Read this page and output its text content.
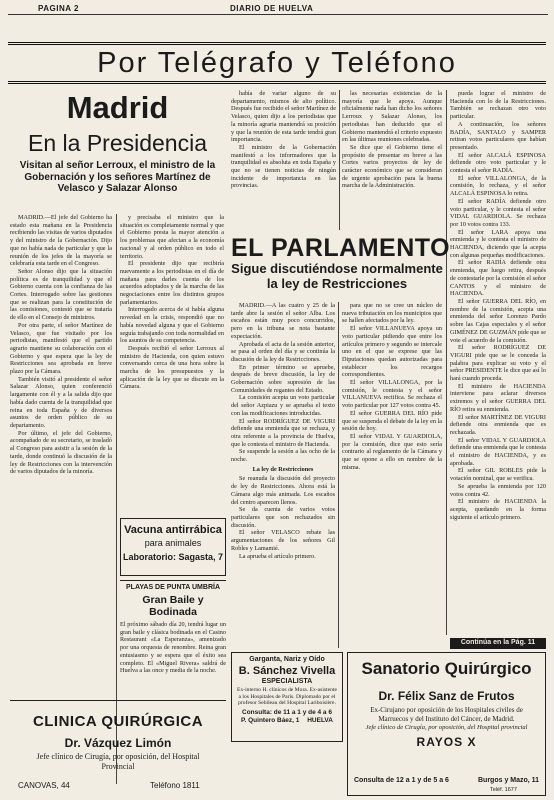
PAGINA 2	DIARIO DE HUELVA
Por Telégrafo y Teléfono
Madrid
En la Presidencia
Visitan al señor Lerroux, el ministro de la Gobernación y los señores Martínez de Velasco y Salazar Alonso

MADRID.—El jefe del Gobierno ha estado esta mañana en la Presidencia recibiendo las visitas de varios diputados y del ministro de la Gobernación. Dijo que no había nada de particular y que la reunión de los jefes de la mayoría se celebraría esta tarde en el Congreso.

Señor Alonso dijo que la situación política es de tranquilidad y que el Gobierno cuenta con la confianza de las Cortes. Interrogado sobre las gestiones que se realizan para la constitución de las comisiones, contestó que se trataría de ello en el Consejo de ministros.

Por otra parte, el señor Martínez de Velasco, que fue visitado por los periodistas, manifestó que el partido agrario mantiene su colaboración con el Gobierno y que espera que la ley de Restricciones sea aprobada en breve plazo por la Cámara.

También visitó al presidente el señor Salazar Alonso, quien conferenció largamente con él y a la salida dijo que había dado cuenta de la tranquilidad que reina en toda España y de diversos asuntos de orden público de su departamento.

Por último, el jefe del Gobierno, acompañado de su secretario, se trasladó al Congreso para asistir a la sesión de la tarde, donde continuó la discusión de la ley de Restricciones con la intervención de varios diputados de la minoría.

y precisaba el ministro que la situación es completamente normal y que el Gobierno presta la mayor atención a los problemas que afectan a la economía nacional y al orden público en todo el territorio.

El presidente dijo que recibiría nuevamente a los periodistas en el día de mañana para darles cuenta de los acuerdos adoptados y de la marcha de las negociaciones entre los distintos grupos parlamentarios.

Interrogado acerca de si había alguna novedad en la crisis, respondió que no había novedad alguna y que el Gobierno seguía trabajando con toda normalidad en los asuntos de su competencia.

Después recibió el señor Lerroux al ministro de Hacienda, con quien estuvo conversando cerca de una hora sobre la marcha de los presupuestos y la aplicación de la ley que se discute en la Cámara.

había de variar alguno de su departamento, mismos de alto político. Después fue recibido el señor Martínez de Velasco, quien dijo a los periodistas que la minoría agraria mantendrá su posición y que la reunión de esta tarde tendrá gran importancia.

El ministro de la Gobernación manifestó a los informadores que la tranquilidad es absoluta en toda España y que no se tienen noticias de ningún incidente de importancia en las provincias.

las necesarias existencias de la mayoría que le apoya. Aunque oficialmente nada han dicho los señores Lerroux y Salazar Alonso, los periodistas han deducido que el Gobierno mantendrá el criterio expuesto en las últimas reuniones celebradas.

Se dice que el Gobierno tiene el propósito de presentar en breve a las Cortes varios proyectos de ley de carácter económico que se consideran de urgente aprobación para la buena marcha de la Administración.

pueda lograr el ministro de Hacienda con lo de la Restricciones. También se rechazan otro voto particular.

A continuación, los señores BADÍA, SANTALO y SAMPER retiran votos particulares que habían presentado.

El señor ALCALÁ ESPINOSA defiende otro voto particular y le contesta el señor RADÍA.

El señor VILLALONGA, de la comisión, lo rechaza, y el señor ALCALÁ ESPINOSA lo retira.

El señor RADÍA defiende otro voto particular, y le contesta el señor VIDAL GUARDIOLA. Se rechaza por 10 votos contra 133.

El señor LARA apoya una enmienda y le contesta el ministro de HACIENDA, diciendo que la acepta con algunas pequeñas modificaciones.

El señor RADÍA defiende otra enmienda, que luego retira, después de contestarle por la comisión el señor CANTOS y el ministro de HACIENDA.

El señor GUERRA DEL RÍO, en nombre de la comisión, acepta una enmienda del señor Lorenzo Pardo sobre las Cajas especiales y el señor GIMÉNEZ DE GUZMÁN pide que se vote el acuerdo de la comisión.

El señor RODRÍGUEZ DE VIGURI pide que se le conceda la palabra para explicar su voto y el señor PRESIDENTE le dice que así lo hará cuando proceda.

El ministro de HACIENDA interviene para aclarar diversos extremos y el señor GUERRA DEL RÍO retira su enmienda.

El señor MARTÍNEZ DE VIGURI defiende otra enmienda que es rechazada.

El señor VIDAL Y GUARDIOLA defiende una enmienda que le contesta el ministro de HACIENDA, y es aprobada.

El señor GIL ROBLES pide la votación nominal, que se verifica.

Se aprueba la enmienda por 120 votos contra 42.

El ministro de HACIENDA la acepta, quedando en la forma siguiente el artículo primero.

Continúa en la Pág. 11
EL PARLAMENTO
Sigue discutiéndose normalmente la ley de Restricciones

MADRID.—A las cuatro y 25 de la tarde abre la sesión el señor Alba. Los escaños están muy poco concurridos, pero en la tribuna se nota bastante expectación.

Aprobada el acta de la sesión anterior, se pasa al orden del día y se continúa la discusión de la ley de Restricciones.

En primer término se apruebe, después de breve discusión, la ley de Gobernación sobre supresión de las Comunidades de regantes del Estado.

La comisión acepta un voto particular del señor Azpiazu y se aprueba el texto con las modificaciones introducidas.

El señor RODRÍGUEZ DE VIGURI defiende una enmienda que se rechaza, y otra referente a la provincia de Huelva, que le contesta el ministro de Hacienda.

Se suspende la sesión a las ocho de la noche.

La ley de Restricciones

Se reanuda la discusión del proyecto de ley de Restricciones. Ahora está la Cámara algo más animada. Los escaños del centro aparecen llenos.

Se da cuenta de varios votos particulares que son rechazados sin discusión.

El señor VELASCO rebate las argumentaciones de los señores Gil Robles y Lamamié.

La aprueba el artículo primero.

para que no se cree un núcleo de nueva tributación en los municipios que se hallen afectados por la ley.

El señor VILLANUEVA apoya un voto particular pidiendo que entre los artículos primero y segundo se intercale uno en el que se exprese que las Diputaciones quedan autorizadas para establecer los recargos correspondientes.

El señor VILLALONGA, por la comisión, le contesta y el señor VILLANUEVA rectifica. Se rechaza el voto particular por 127 votos contra 45.

El señor GUERRA DEL RÍO pide que se suspenda el debate de la ley en la sesión de hoy.

El señor VIDAL Y GUARDIOLA, por la comisión, dice que esto sería contrario al reglamento de la Cámara y que se opone a ello en nombre de la misma.

Vacuna antirrábica
para animales
Laboratorio: Sagasta, 7
PLAYAS DE PUNTA UMBRÍA
Gran Baile y Bodinada
El próximo sábado día 20, tendrá lugar un gran baile y clásica bodinada en el Casino Restaurant «La Esperanza», amenizado por una orquesta de renombre. Reina gran entusiasmo y se espera que el éxito sea completo. El «Miguel Rivera» saldrá de Huelva a las once y media de la noche.
Garganta, Nariz y Oído
B. Sánchez Vivella
ESPECIALISTA
Ex-interno H. clínicos de Mora. Ex-asistente a los Hospitales de París. Diplomado por el profesor Sebileau del Hospital Lariboisière.
Consulta: de 11 a 1 y de 4 a 6
P. Quintero Báez, 1 HUELVA
Sanatorio Quirúrgico
Dr. Félix Sanz de Frutos
Ex-Cirujano por oposición de los Hospitales civiles de Marruecos y del Instituto del Cáncer, de Madrid.
Jefe clínico de Cirugía, por oposición, del Hospital provincial
RAYOS X
Consulta de 12 a 1 y de 5 a 6	Burgos y Mazo, 11
Teléf. 1677
CLINICA QUIRÚRGICA
Dr. Vázquez Limón
Jefe clínico de Cirugía, por oposición, del Hospital Provincial
CANOVAS, 44	Teléfono 1811
